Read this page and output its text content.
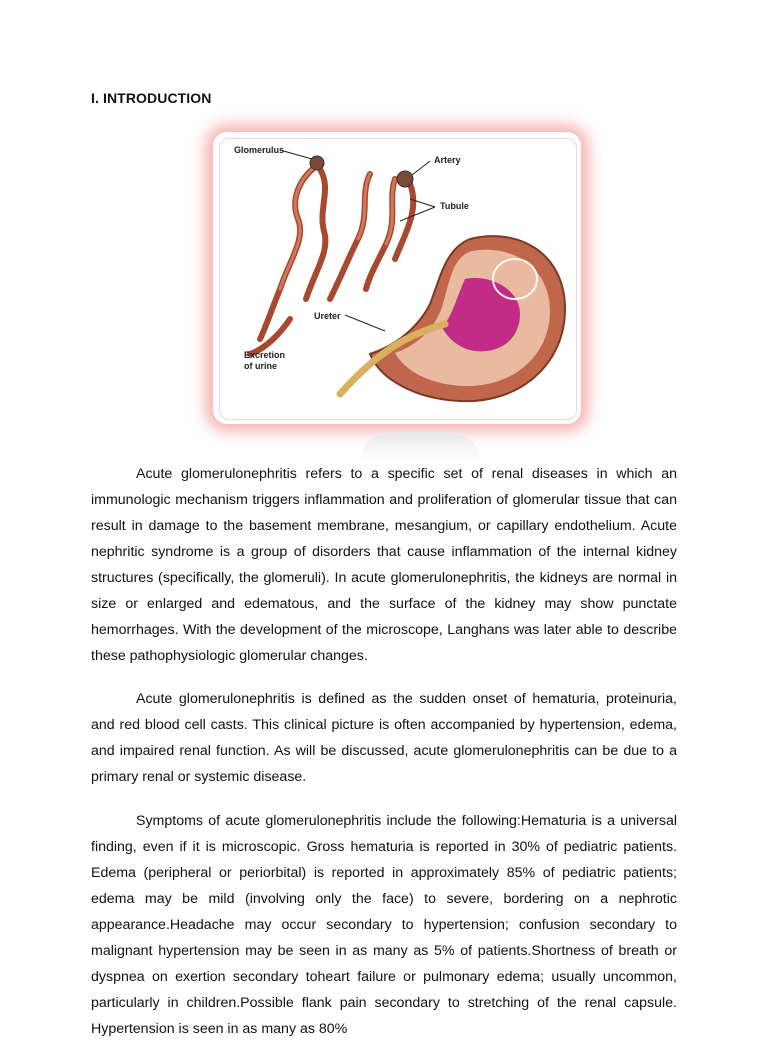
I. INTRODUCTION
Glomerulus
Artery
Tubule
Ureter
Excretion
of urine

Acute glomerulonephritis refers to a specific set of renal diseases in which an immunologic mechanism triggers inflammation and proliferation of glomerular tissue that can result in damage to the basement membrane, mesangium, or capillary endothelium. Acute nephritic syndrome is a group of disorders that cause inflammation of the internal kidney structures (specifically, the glomeruli). In acute glomerulonephritis, the kidneys are normal in size or enlarged and edematous, and the surface of the kidney may show punctate hemorrhages. With the development of the microscope, Langhans was later able to describe these pathophysiologic glomerular changes.

Acute glomerulonephritis is defined as the sudden onset of hematuria, proteinuria, and red blood cell casts. This clinical picture is often accompanied by hypertension, edema, and impaired renal function. As will be discussed, acute glomerulonephritis can be due to a primary renal or systemic disease.

Symptoms of acute glomerulonephritis include the following:Hematuria is a universal finding, even if it is microscopic. Gross hematuria is reported in 30% of pediatric patients. Edema (peripheral or periorbital) is reported in approximately 85% of pediatric patients; edema may be mild (involving only the face) to severe, bordering on a nephrotic appearance.Headache may occur secondary to hypertension; confusion secondary to malignant hypertension may be seen in as many as 5% of patients.Shortness of breath or dyspnea on exertion secondary toheart failure or pulmonary edema; usually uncommon, particularly in children.Possible flank pain secondary to stretching of the renal capsule. Hypertension is seen in as many as 80%
